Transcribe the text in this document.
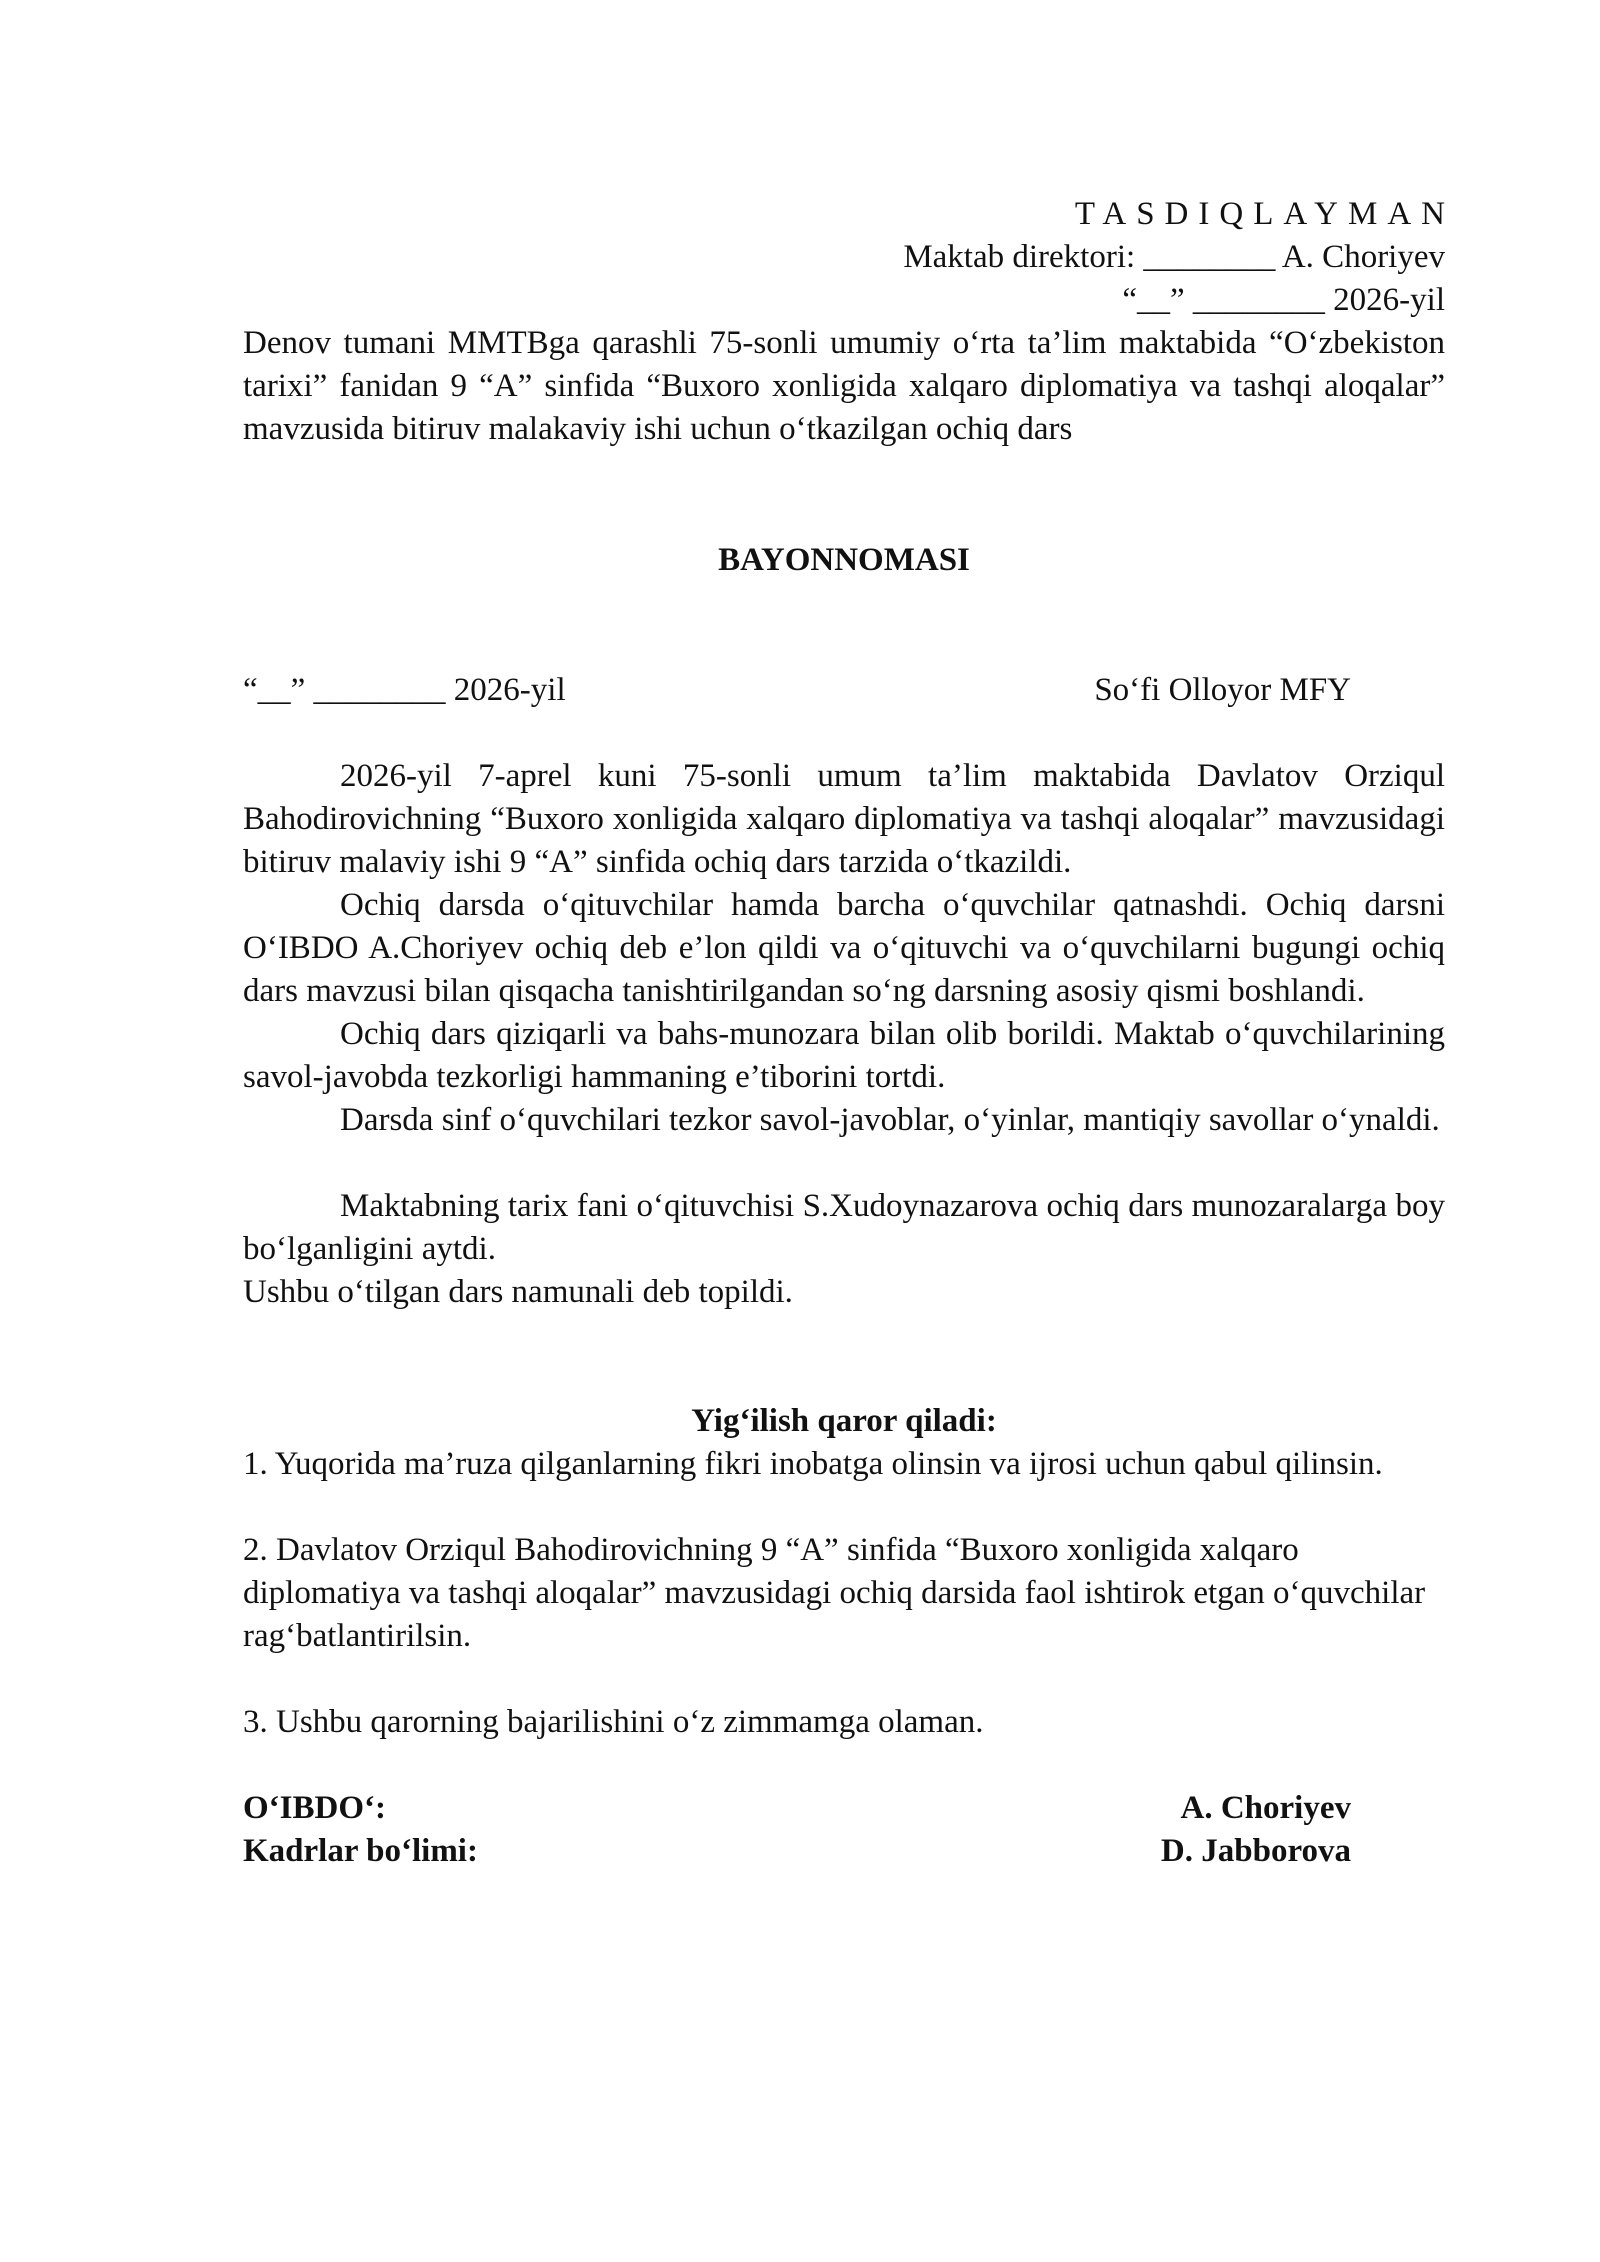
TASDIQLAYMAN

Maktab direktori: ________ A. Choriyev

“__” ________ 2026-yil

Denov tumani MMTBga qarashli 75-sonli umumiy o‘rta ta’lim maktabida “O‘zbekiston tarixi” fanidan 9 “A” sinfida “Buxoro xonligida xalqaro diplomatiya va tashqi aloqalar” mavzusida bitiruv malakaviy ishi uchun o‘tkazilgan ochiq dars

BAYONNOMASI

“__” ________ 2026-yil	So‘fi Olloyor MFY

2026-yil 7-aprel kuni 75-sonli umum ta’lim maktabida Davlatov Orziqul Bahodirovichning “Buxoro xonligida xalqaro diplomatiya va tashqi aloqalar” mavzusidagi bitiruv malaviy ishi 9 “A” sinfida ochiq dars tarzida o‘tkazildi.

Ochiq darsda o‘qituvchilar hamda barcha o‘quvchilar qatnashdi. Ochiq darsni O‘IBDO A.Choriyev ochiq deb e’lon qildi va o‘qituvchi va o‘quvchilarni bugungi ochiq dars mavzusi bilan qisqacha tanishtirilgandan so‘ng darsning asosiy qismi boshlandi.

Ochiq dars qiziqarli va bahs-munozara bilan olib borildi. Maktab o‘quvchilarining savol-javobda tezkorligi hammaning e’tiborini tortdi.

Darsda sinf o‘quvchilari tezkor savol-javoblar, o‘yinlar, mantiqiy savollar o‘ynaldi.

Maktabning tarix fani o‘qituvchisi S.Xudoynazarova ochiq dars munozaralarga boy bo‘lganligini aytdi.

Ushbu o‘tilgan dars namunali deb topildi.

Yig‘ilish qaror qiladi:

1. Yuqorida ma’ruza qilganlarning fikri inobatga olinsin va ijrosi uchun qabul qilinsin.

2. Davlatov Orziqul Bahodirovichning 9 “A” sinfida “Buxoro xonligida xalqaro diplomatiya va tashqi aloqalar” mavzusidagi ochiq darsida faol ishtirok etgan o‘quvchilar rag‘batlantirilsin.

3. Ushbu qarorning bajarilishini o‘z zimmamga olaman.

O‘IBDO‘:	A. Choriyev
Kadrlar bo‘limi:	D. Jabborova
